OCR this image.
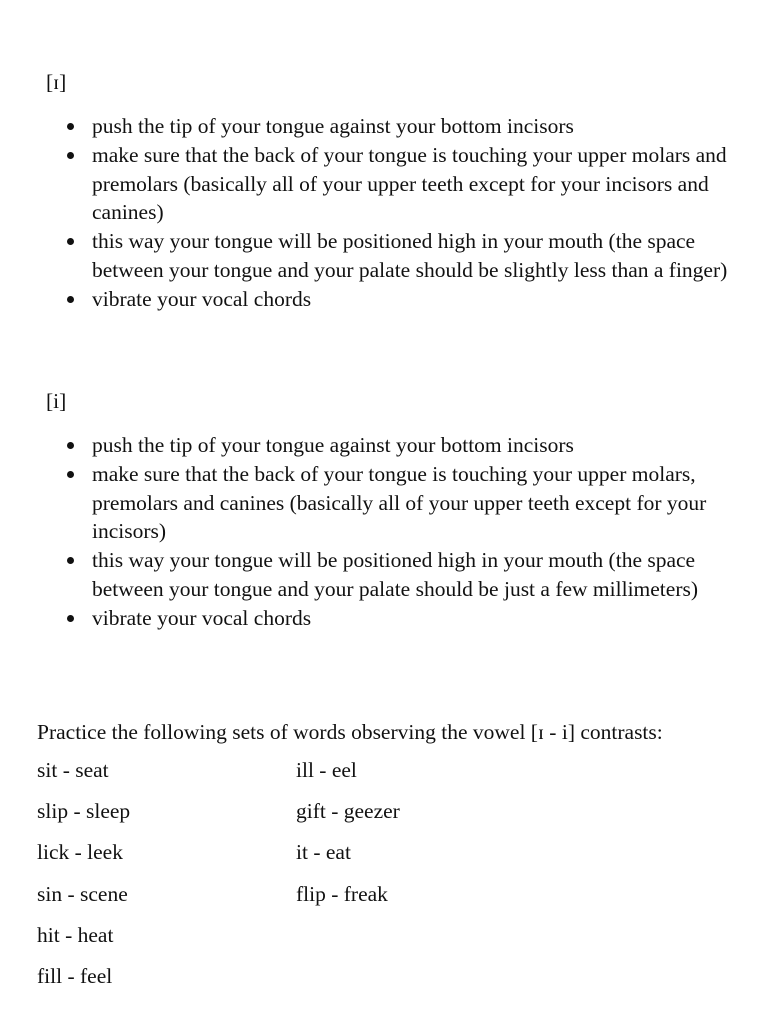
[ɪ]
push the tip of your tongue against your bottom incisors
make sure that the back of your tongue is touching your upper molars and premolars (basically all of your upper teeth except for your incisors and canines)
this way your tongue will be positioned high in your mouth (the space between your tongue and your palate should be slightly less than a finger)
vibrate your vocal chords
[i]
push the tip of your tongue against your bottom incisors
make sure that the back of your tongue is touching your upper molars, premolars and canines (basically all of your upper teeth except for your incisors)
this way your tongue will be positioned high in your mouth (the space between your tongue and your palate should be just a few millimeters)
vibrate your vocal chords
Practice the following sets of words observing the vowel [ɪ - i] contrasts:
sit - seat
slip - sleep
lick - leek
sin - scene
hit - heat
fill - feel
ill - eel
gift - geezer
it - eat
flip - freak
